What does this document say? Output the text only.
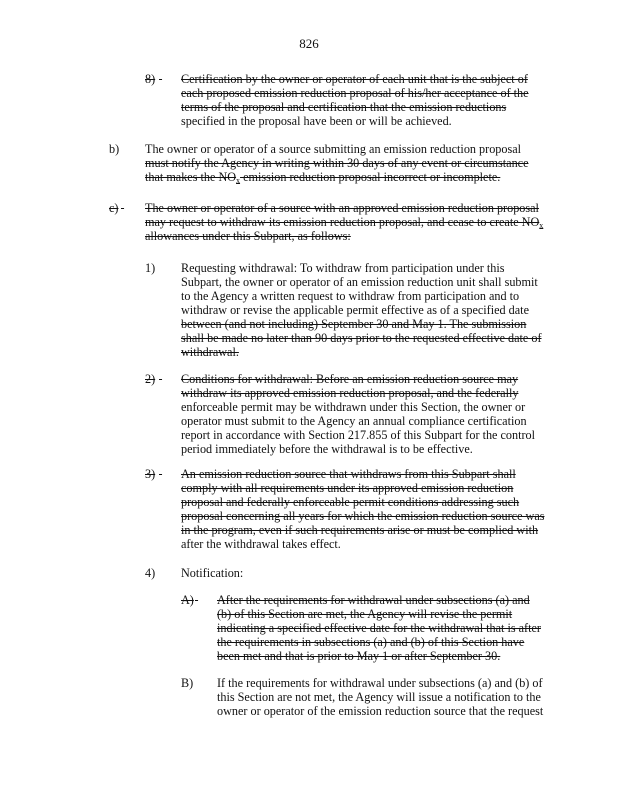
826
8)
Certification by the owner or operator of each unit that is the subject of
each proposed emission reduction proposal of his/her acceptance of the
terms of the proposal and certification that the emission reductions
specified in the proposal have been or will be achieved.
b) The owner or operator of a source submitting an emission reduction proposal
must notify the Agency in writing within 30 days of any event or circumstance
that makes the $NO_x$ emission reduction proposal incorrect or incomplete.
c)
The owner or operator of a source with an approved emission reduction proposal
may request to withdraw its emission reduction proposal, and cease to create $NO_x$
allowances under this Subpart, as follows:
1) Requesting withdrawal: To withdraw from participation under this
Subpart, the owner or operator of an emission reduction unit shall submit
to the Agency a written request to withdraw from participation and to
withdraw or revise the applicable permit effective as of a specified date
between (and not including) September 30 and May 1. The submission
shall be made no later than 90 days prior to the requested effective date of
withdrawal.
2)
Conditions for withdrawal: Before an emission reduction source may
withdraw its approved emission reduction proposal, and the federally
enforceable permit may be withdrawn under this Section, the owner or
operator must submit to the Agency an annual compliance certification
report in accordance with Section 217.855 of this Subpart for the control
period immediately before the withdrawal is to be effective.
3)
An emission reduction source that withdraws from this Subpart shall
comply with all requirements under its approved emission reduction
proposal and federally enforceable permit conditions addressing such
proposal concerning all years for which the emission reduction source was
in the program, even if such requirements arise or must be complied with
after the withdrawal takes effect.
4) Notification:
A)
After the requirements for withdrawal under subsections (a) and
(b) of this Section are met, the Agency will revise the permit
indicating a specified effective date for the withdrawal that is after
the requirements in subsections (a) and (b) of this Section have
been met and that is prior to May 1 or after September 30.
B) If the requirements for withdrawal under subsections (a) and (b) of
this Section are not met, the Agency will issue a notification to the
owner or operator of the emission reduction source that the request
